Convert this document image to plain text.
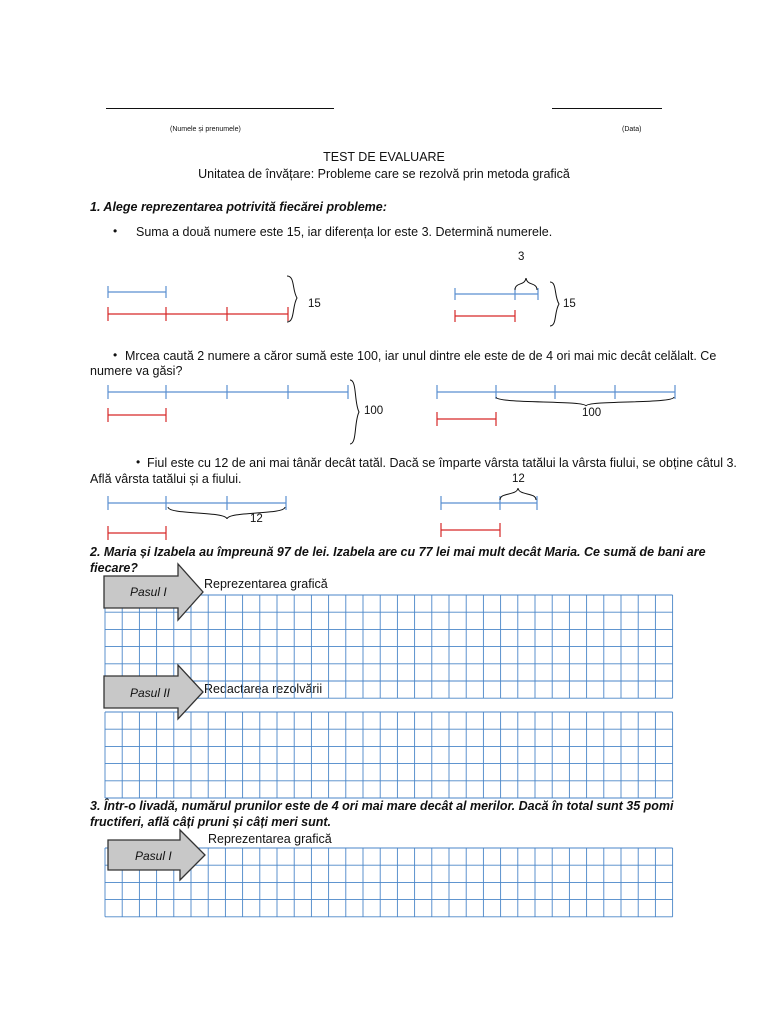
(Numele și prenumele)	(Data)
TEST DE EVALUARE
Unitatea de învățare: Probleme care se rezolvă prin metoda grafică
1. Alege reprezentarea potrivită fiecărei probleme:
• Suma a două numere este 15, iar diferența lor este 3. Determină numerele.
3
15	15
• Mrcea caută 2 numere a căror sumă este 100, iar unul dintre ele este de de 4 ori mai mic decât celălalt. Ce
numere va găsi?
100	100
• Fiul este cu 12 de ani mai tânăr decât tatăl. Dacă se împarte vârsta tatălui la vârsta fiului, se obține câtul 3.
Află vârsta tatălui și a fiului.	12
12
2. Maria și Izabela au împreună 97 de lei. Izabela are cu 77 lei mai mult decât Maria. Ce sumă de bani are
fiecare?
Reprezentarea grafică
Redactarea rezolvării
3. Într-o livadă, numărul prunilor este de 4 ori mai mare decât al merilor. Dacă în total sunt 35 pomi
fructiferi, află câți pruni și câți meri sunt.
Reprezentarea grafică
Pasul I
Pasul II
Pasul I
